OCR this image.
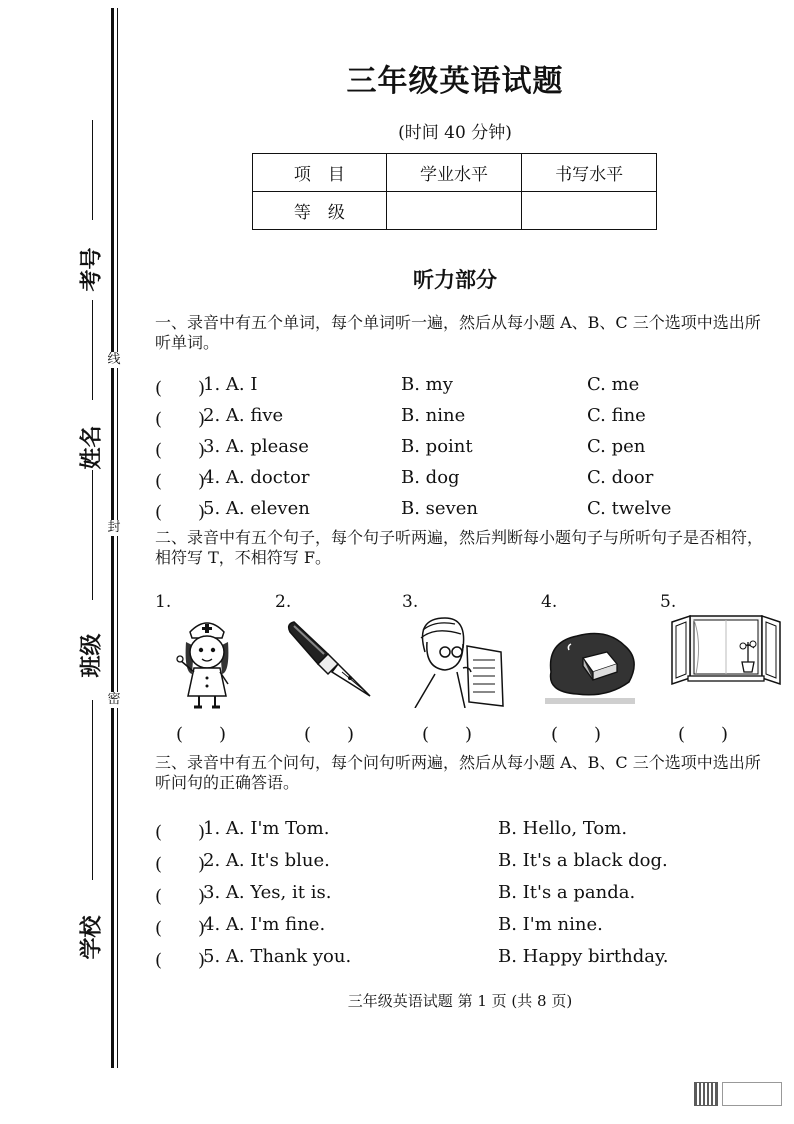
线
封
密
考号
姓名
班级
学校
三年级英语试题
(时间 40 分钟)
项　目	学业水平	书写水平
等　级		
听力部分
一、录音中有五个单词，每个单词听一遍，然后从每小题 A、B、C 三个选项中选出所听单词。
(　　)
1. A. I	B. my	C. me
(　　)
2. A. five	B. nine	C. fine
(　　)
3. A. please	B. point	C. pen
(　　)
4. A. doctor	B. dog	C. door
(　　)
5. A. eleven	B. seven	C. twelve
二、录音中有五个句子，每个句子听两遍，然后判断每小题句子与所听句子是否相符，相符写 T，不相符写 F。
1.	2.	3.	4.	5.
(　　)	(　　)	(　　)	(　　)	(　　)
三、录音中有五个问句，每个问句听两遍，然后从每小题 A、B、C 三个选项中选出所听问句的正确答语。
(　　)
1. A. I'm Tom.	B. Hello, Tom.
(　　)
2. A. It's blue.	B. It's a black dog.
(　　)
3. A. Yes, it is.	B. It's a panda.
(　　)
4. A. I'm fine.	B. I'm nine.
(　　)
5. A. Thank you.	B. Happy birthday.
三年级英语试题 第 1 页 (共 8 页)
